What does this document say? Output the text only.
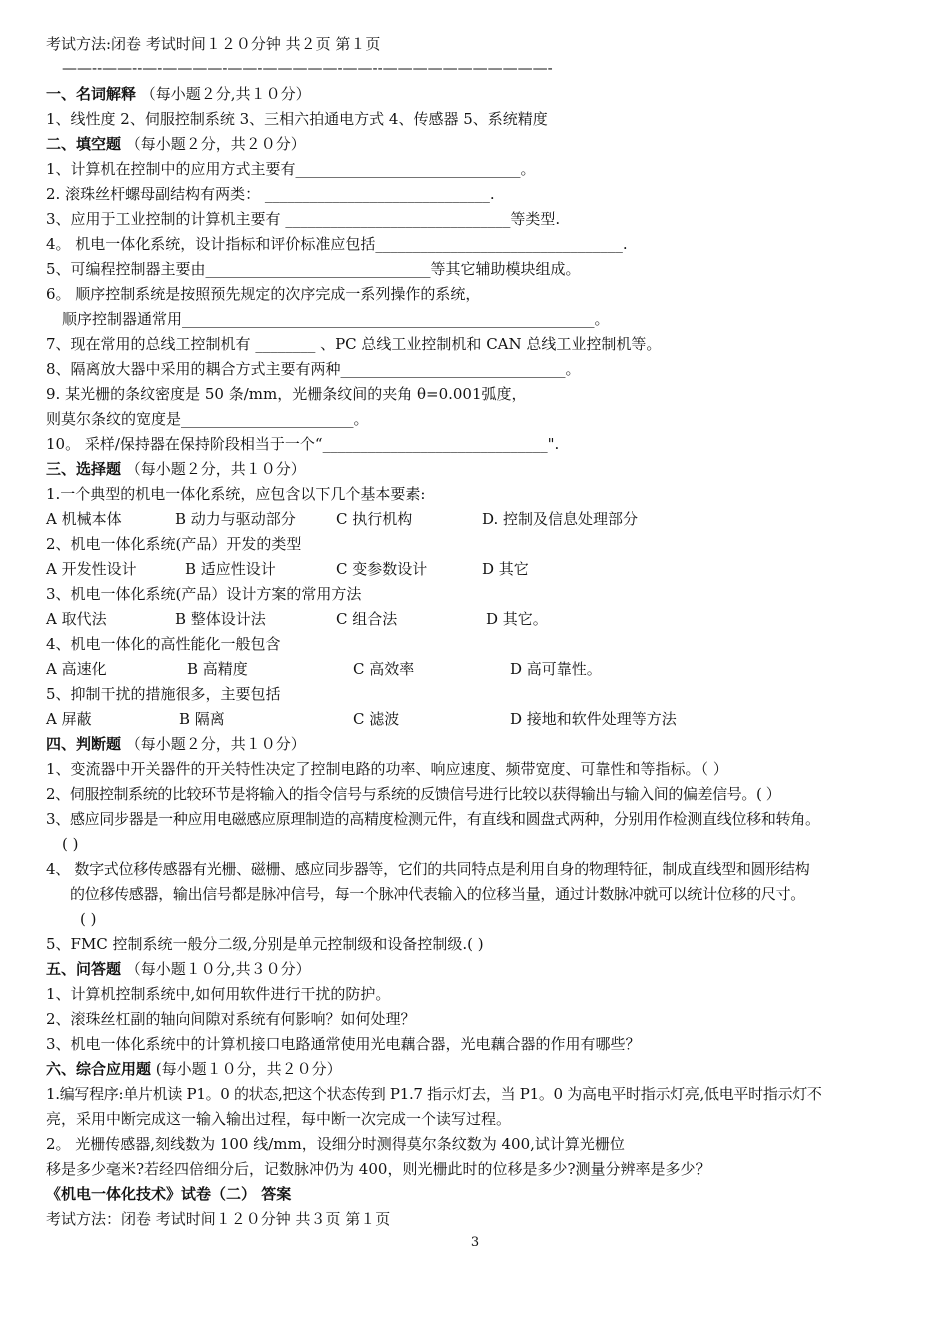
考试方法:闭卷 考试时间１２０分钟 共２页 第１页
——--——--—-————-——-—————-——--———————————-
一、名词解释 （每小题２分,共１０分）
1、线性度 2、伺服控制系统 3、三相六拍通电方式 4、传感器 5、系统精度
二、填空题 （每小题２分，共２０分）
1、计算机在控制中的应用方式主要有______________________________。
2. 滚珠丝杆螺母副结构有两类： ______________________________.
3、应用于工业控制的计算机主要有 ______________________________等类型.
4。 机电一体化系统，设计指标和评价标准应包括_________________________________.
5、可编程控制器主要由______________________________等其它辅助模块组成。
6。 顺序控制系统是按照预先规定的次序完成一系列操作的系统，
顺序控制器通常用_______________________________________________________。
7、现在常用的总线工控制机有 ________ 、PC 总线工业控制机和 CAN 总线工业控制机等。
8、隔离放大器中采用的耦合方式主要有两种______________________________。
9. 某光栅的条纹密度是 50 条/mm，光栅条纹间的夹角 θ=0.001弧度，
则莫尔条纹的宽度是_______________________。
10。 采样/保持器在保持阶段相当于一个“______________________________".
三、选择题 （每小题２分，共１０分）
1.一个典型的机电一体化系统，应包含以下几个基本要素:
A 机械本体	B 动力与驱动部分	C 执行机构	D. 控制及信息处理部分
2、机电一体化系统(产品）开发的类型
A 开发性设计	B 适应性设计	C 变参数设计	D 其它
3、机电一体化系统(产品）设计方案的常用方法
A 取代法	B 整体设计法	C 组合法	D 其它。
4、机电一体化的高性能化一般包含
A 高速化	B 高精度	C 高效率	D 高可靠性。
5、抑制干扰的措施很多，主要包括
A 屏蔽	B 隔离	C 滤波	D 接地和软件处理等方法
四、判断题 （每小题２分，共１０分）
1、变流器中开关器件的开关特性决定了控制电路的功率、响应速度、频带宽度、可靠性和等指标。（ ）
2、伺服控制系统的比较环节是将输入的指令信号与系统的反馈信号进行比较以获得输出与输入间的偏差信号。( ）
3、感应同步器是一种应用电磁感应原理制造的高精度检测元件，有直线和圆盘式两种，分别用作检测直线位移和转角。
( )
4、 数字式位移传感器有光栅、磁栅、感应同步器等，它们的共同特点是利用自身的物理特征，制成直线型和圆形结构
的位移传感器，输出信号都是脉冲信号，每一个脉冲代表输入的位移当量，通过计数脉冲就可以统计位移的尺寸。
( )
5、FMC 控制系统一般分二级,分别是单元控制级和设备控制级.( )
五、问答题 （每小题１０分,共３０分）
1、计算机控制系统中,如何用软件进行干扰的防护。
2、滚珠丝杠副的轴向间隙对系统有何影响？如何处理？
3、机电一体化系统中的计算机接口电路通常使用光电藕合器，光电藕合器的作用有哪些？
六、综合应用题 (每小题１０分，共２０分）
1.编写程序:单片机读 P1。0 的状态,把这个状态传到 P1.7 指示灯去，当 P1。0 为高电平时指示灯亮,低电平时指示灯不
亮，采用中断完成这一输入输出过程，每中断一次完成一个读写过程。
2。 光栅传感器,刻线数为 100 线/mm，设细分时测得莫尔条纹数为 400,试计算光栅位
移是多少毫米?若经四倍细分后，记数脉冲仍为 400，则光栅此时的位移是多少?测量分辨率是多少？
《机电一体化技术》试卷（二） 答案
考试方法：闭卷 考试时间１２０分钟 共３页 第１页
3
